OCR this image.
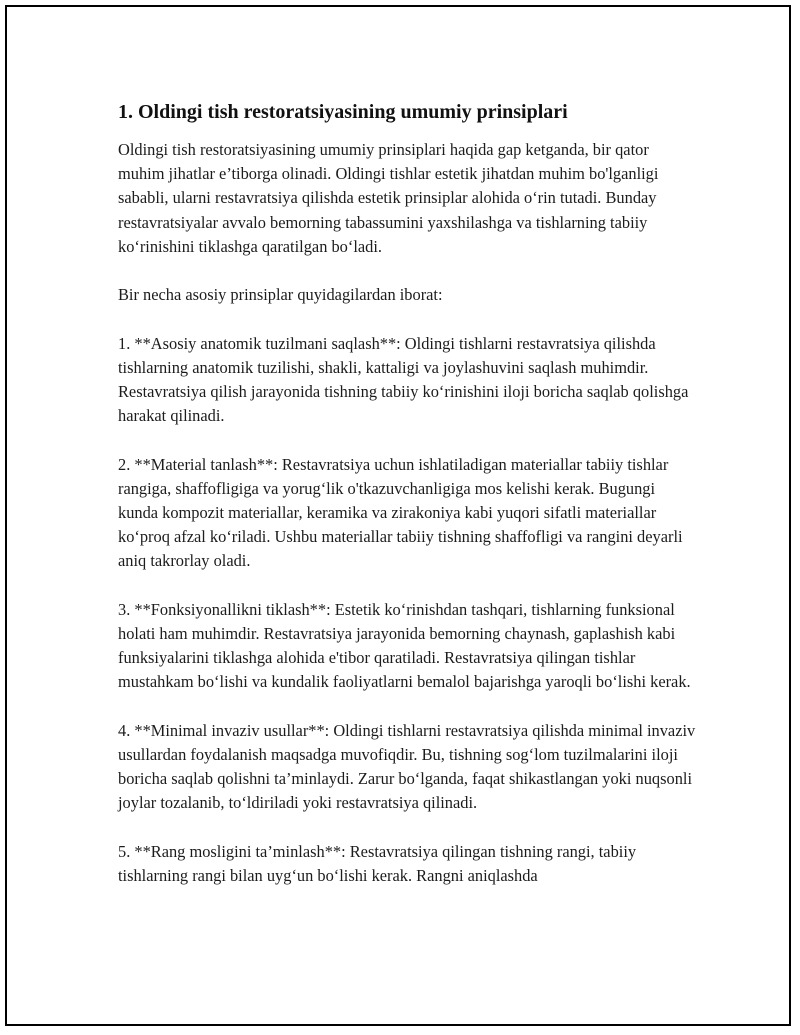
1. Oldingi tish restoratsiyasining umumiy prinsiplari

Oldingi tish restoratsiyasining umumiy prinsiplari haqida gap ketganda, bir qator muhim jihatlar e’tiborga olinadi. Oldingi tishlar estetik jihatdan muhim bo'lganligi sababli, ularni restavratsiya qilishda estetik prinsiplar alohida o‘rin tutadi. Bunday restavratsiyalar avvalo bemorning tabassumini yaxshilashga va tishlarning tabiiy ko‘rinishini tiklashga qaratilgan bo‘ladi.

Bir necha asosiy prinsiplar quyidagilardan iborat:

1. **Asosiy anatomik tuzilmani saqlash**: Oldingi tishlarni restavratsiya qilishda tishlarning anatomik tuzilishi, shakli, kattaligi va joylashuvini saqlash muhimdir. Restavratsiya qilish jarayonida tishning tabiiy ko‘rinishini iloji boricha saqlab qolishga harakat qilinadi.

2. **Material tanlash**: Restavratsiya uchun ishlatiladigan materiallar tabiiy tishlar rangiga, shaffofligiga va yorug‘lik o'tkazuvchanligiga mos kelishi kerak. Bugungi kunda kompozit materiallar, keramika va zirakoniya kabi yuqori sifatli materiallar ko‘proq afzal ko‘riladi. Ushbu materiallar tabiiy tishning shaffofligi va rangini deyarli aniq takrorlay oladi.

3. **Fonksiyonallikni tiklash**: Estetik ko‘rinishdan tashqari, tishlarning funksional holati ham muhimdir. Restavratsiya jarayonida bemorning chaynash, gaplashish kabi funksiyalarini tiklashga alohida e'tibor qaratiladi. Restavratsiya qilingan tishlar mustahkam bo‘lishi va kundalik faoliyatlarni bemalol bajarishga yaroqli bo‘lishi kerak.

4. **Minimal invaziv usullar**: Oldingi tishlarni restavratsiya qilishda minimal invaziv usullardan foydalanish maqsadga muvofiqdir. Bu, tishning sog‘lom tuzilmalarini iloji boricha saqlab qolishni ta’minlaydi. Zarur bo‘lganda, faqat shikastlangan yoki nuqsonli joylar tozalanib, to‘ldiriladi yoki restavratsiya qilinadi.

5. **Rang mosligini ta’minlash**: Restavratsiya qilingan tishning rangi, tabiiy tishlarning rangi bilan uyg‘un bo‘lishi kerak. Rangni aniqlashda
